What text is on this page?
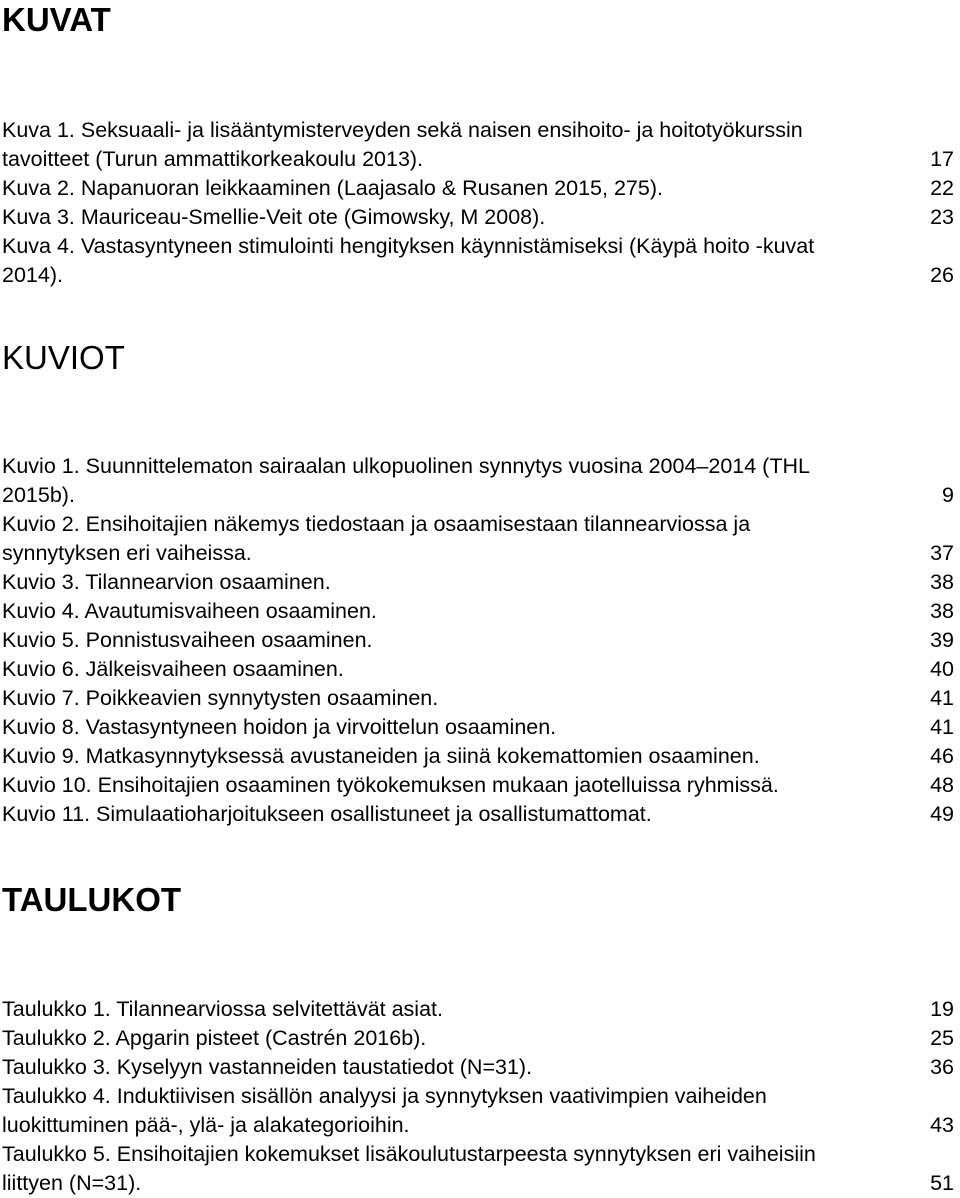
KUVAT
Kuva 1. Seksuaali- ja lisääntymisterveyden sekä naisen ensihoito- ja hoitotyökurssin
tavoitteet (Turun ammattikorkeakoulu 2013).	17
Kuva 2. Napanuoran leikkaaminen (Laajasalo & Rusanen 2015, 275).	22
Kuva 3. Mauriceau-Smellie-Veit ote (Gimowsky, M 2008).	23
Kuva 4. Vastasyntyneen stimulointi hengityksen käynnistämiseksi (Käypä hoito -kuvat
2014).	26
KUVIOT
Kuvio 1. Suunnittelematon sairaalan ulkopuolinen synnytys vuosina 2004–2014 (THL
2015b).	9
Kuvio 2. Ensihoitajien näkemys tiedostaan ja osaamisestaan tilannearviossa ja
synnytyksen eri vaiheissa.	37
Kuvio 3. Tilannearvion osaaminen.	38
Kuvio 4. Avautumisvaiheen osaaminen.	38
Kuvio 5. Ponnistusvaiheen osaaminen.	39
Kuvio 6. Jälkeisvaiheen osaaminen.	40
Kuvio 7. Poikkeavien synnytysten osaaminen.	41
Kuvio 8. Vastasyntyneen hoidon ja virvoittelun osaaminen.	41
Kuvio 9. Matkasynnytyksessä avustaneiden ja siinä kokemattomien osaaminen.	46
Kuvio 10. Ensihoitajien osaaminen työkokemuksen mukaan jaotelluissa ryhmissä.	48
Kuvio 11. Simulaatioharjoitukseen osallistuneet ja osallistumattomat.	49
TAULUKOT
Taulukko 1. Tilannearviossa selvitettävät asiat.	19
Taulukko 2. Apgarin pisteet (Castrén 2016b).	25
Taulukko 3. Kyselyyn vastanneiden taustatiedot (N=31).	36
Taulukko 4. Induktiivisen sisällön analyysi ja synnytyksen vaativimpien vaiheiden
luokittuminen pää-, ylä- ja alakategorioihin.	43
Taulukko 5. Ensihoitajien kokemukset lisäkoulutustarpeesta synnytyksen eri vaiheisiin
liittyen (N=31).	51
